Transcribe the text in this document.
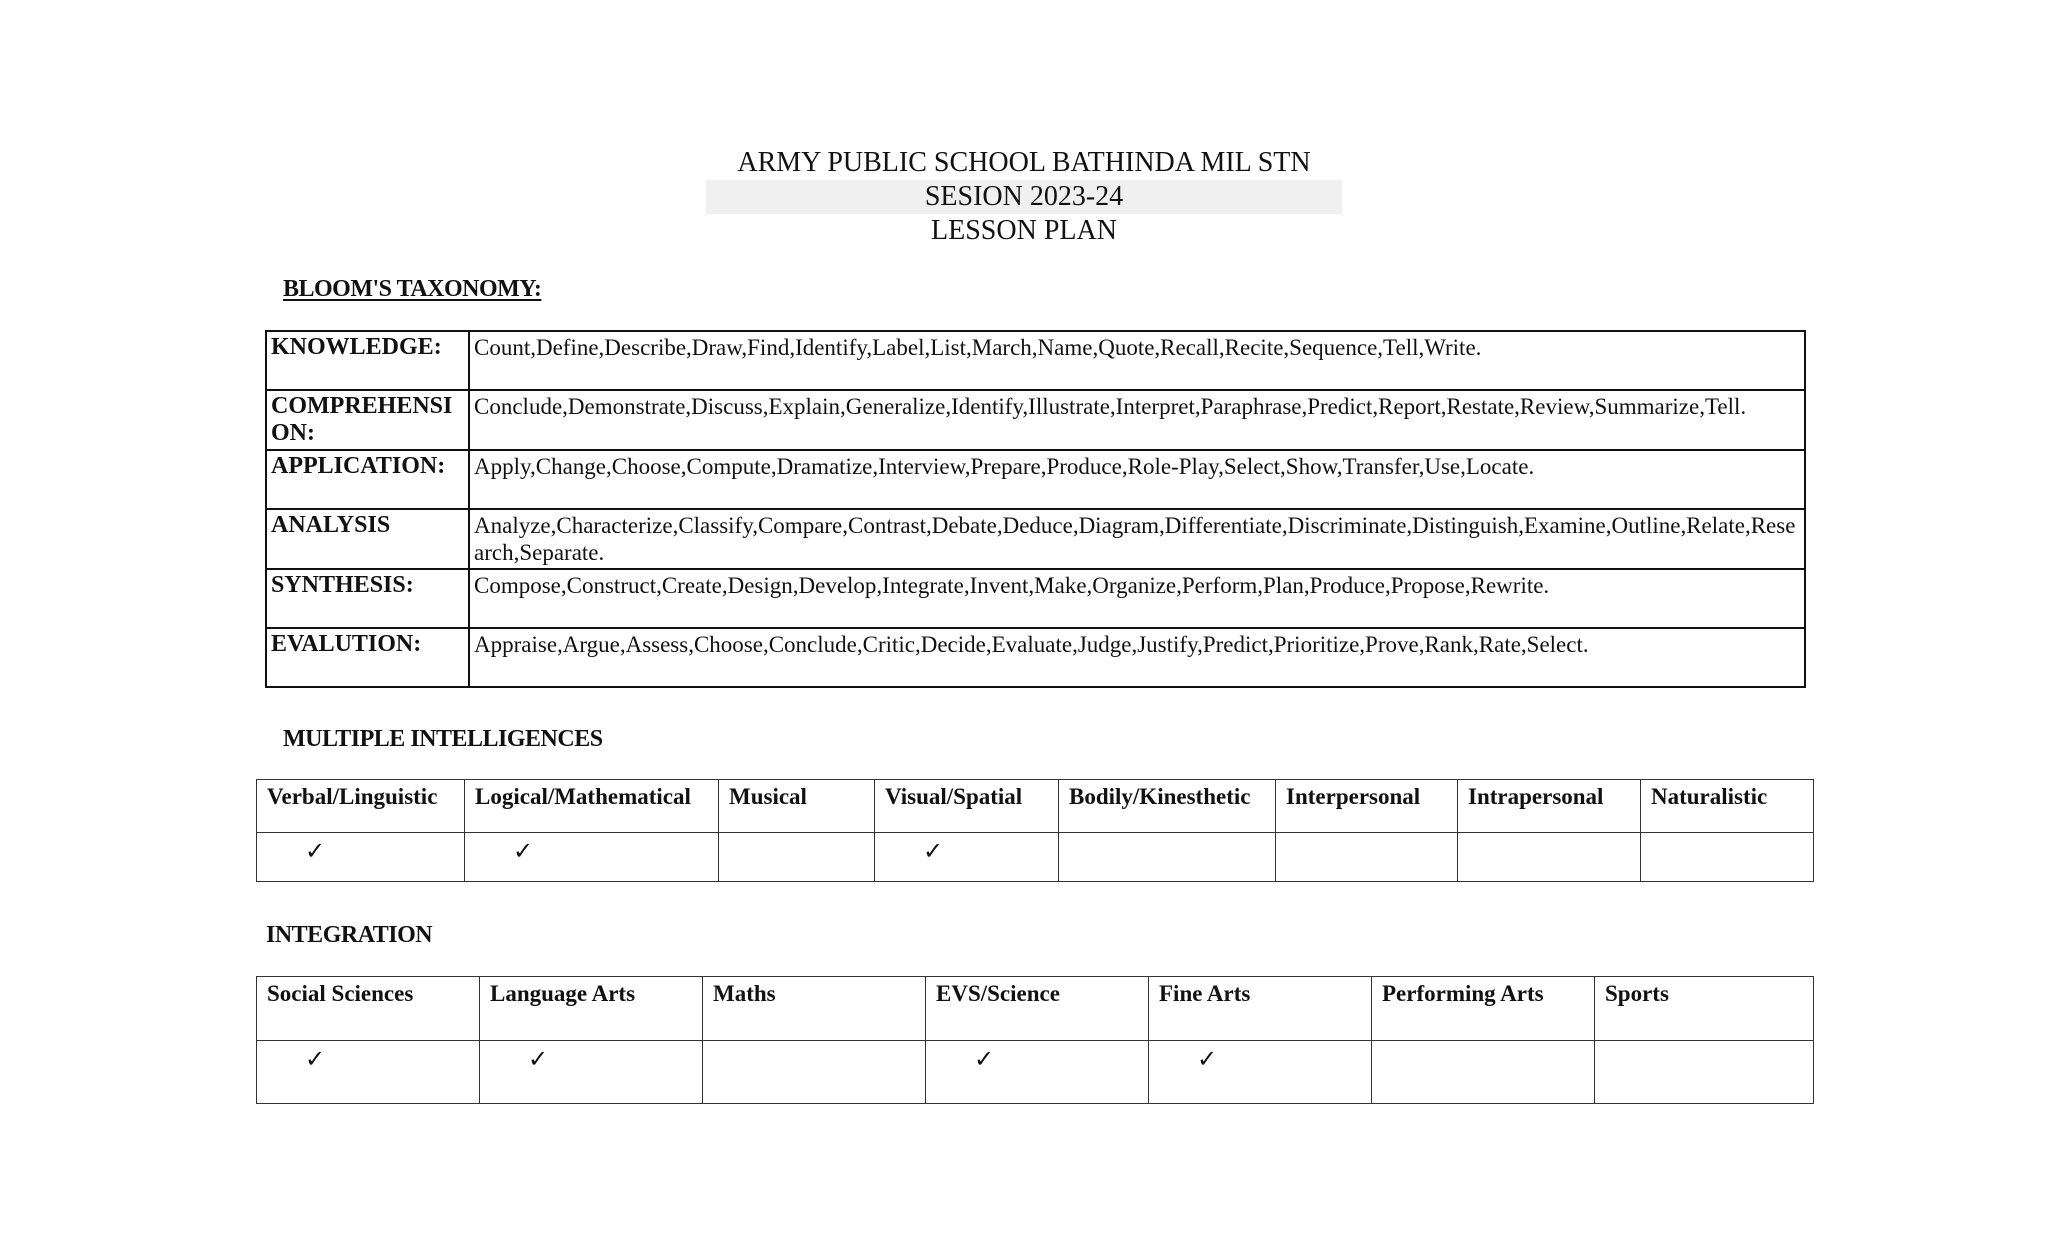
ARMY PUBLIC SCHOOL BATHINDA MIL STN
SESION 2023-24
LESSON PLAN
BLOOM'S TAXONOMY:
KNOWLEDGE:	Count,Define,Describe,Draw,Find,Identify,Label,List,March,Name,Quote,Recall,Recite,Sequence,Tell,Write.
COMPREHENSION:	Conclude,Demonstrate,Discuss,Explain,Generalize,Identify,Illustrate,Interpret,Paraphrase,Predict,Report,Restate,Review,Summarize,Tell.
APPLICATION:	Apply,Change,Choose,Compute,Dramatize,Interview,Prepare,Produce,Role-Play,Select,Show,Transfer,Use,Locate.
ANALYSIS	Analyze,Characterize,Classify,Compare,Contrast,Debate,Deduce,Diagram,Differentiate,Discriminate,Distinguish,Examine,Outline,Relate,Research,Separate.
SYNTHESIS:	Compose,Construct,Create,Design,Develop,Integrate,Invent,Make,Organize,Perform,Plan,Produce,Propose,Rewrite.
EVALUTION:	Appraise,Argue,Assess,Choose,Conclude,Critic,Decide,Evaluate,Judge,Justify,Predict,Prioritize,Prove,Rank,Rate,Select.
MULTIPLE INTELLIGENCES
Verbal/Linguistic	Logical/Mathematical	Musical	Visual/Spatial	Bodily/Kinesthetic	Interpersonal	Intrapersonal	Naturalistic
✓	✓		✓				
INTEGRATION
Social Sciences	Language Arts	Maths	EVS/Science	Fine Arts	Performing Arts	Sports
✓	✓		✓	✓		
